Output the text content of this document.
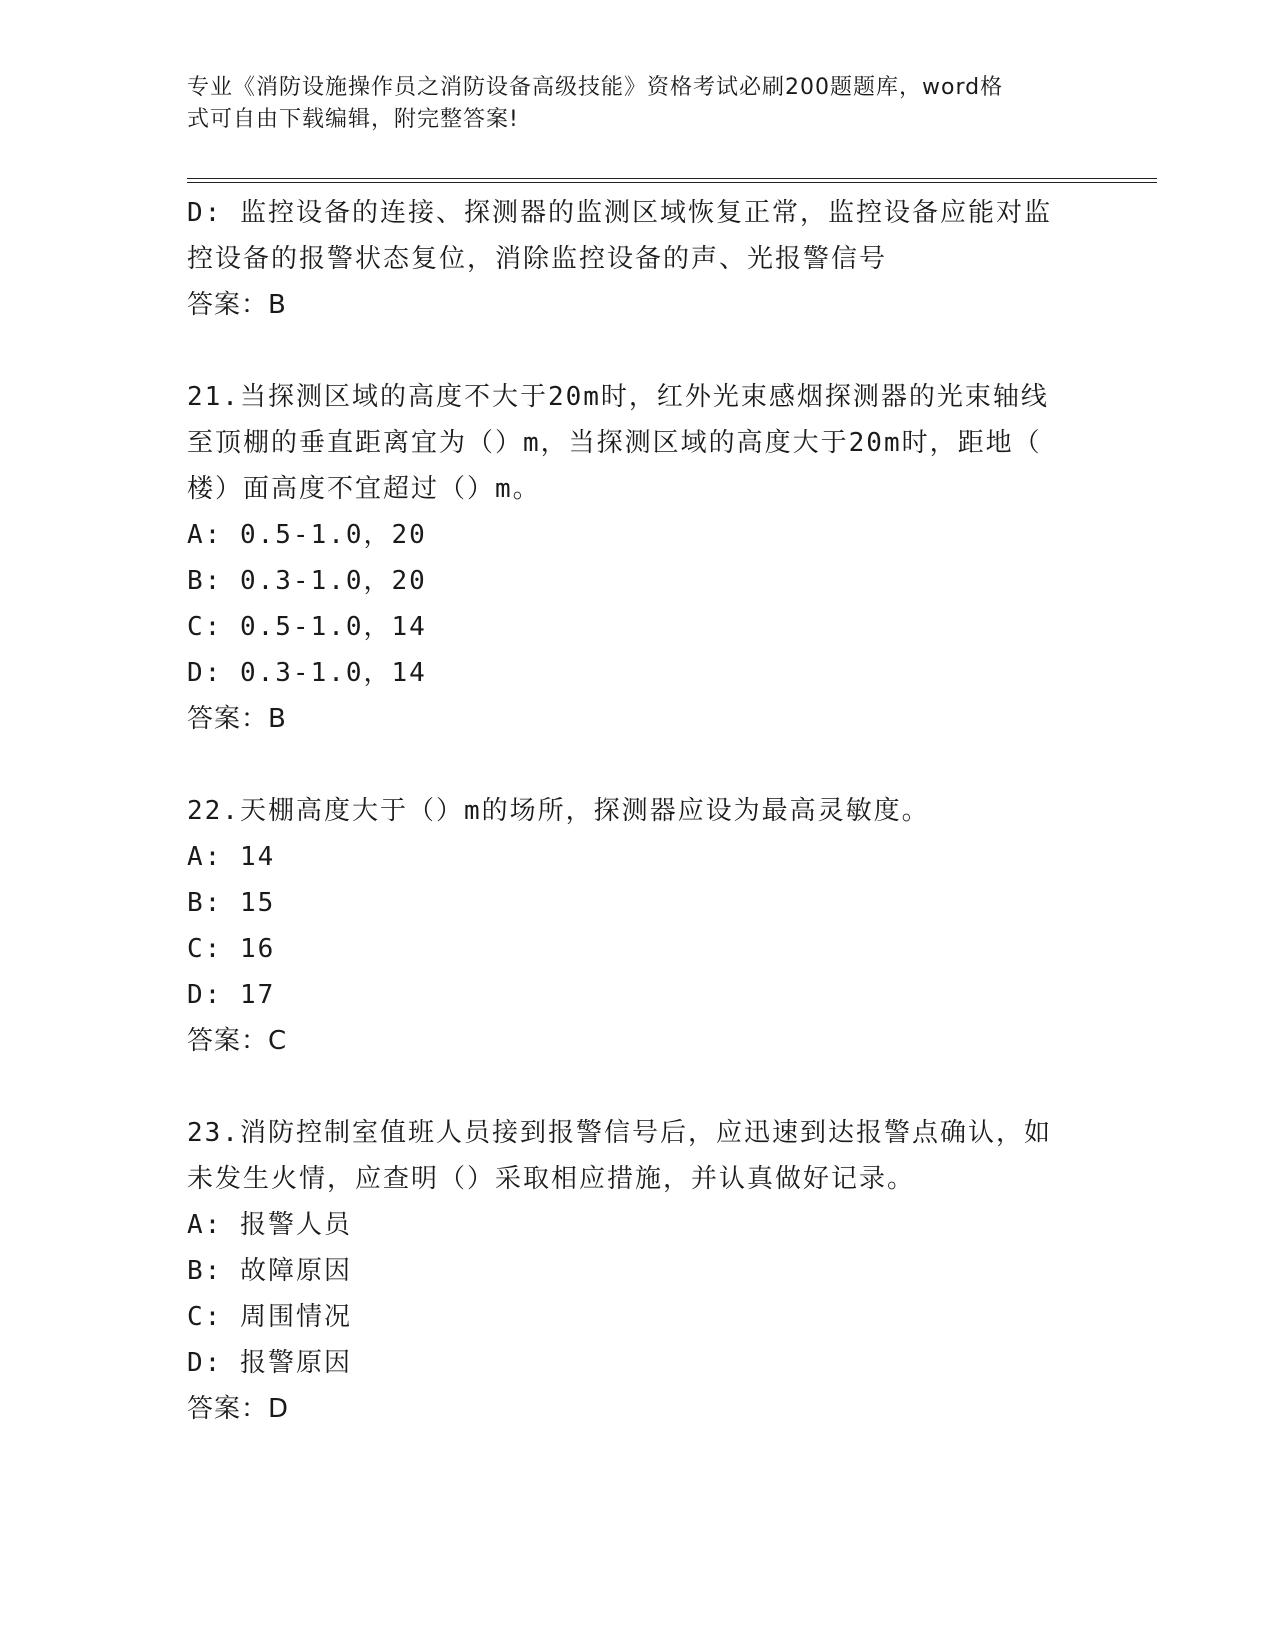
专业《消防设施操作员之消防设备高级技能》资格考试必刷200题题库，word格
式可自由下载编辑，附完整答案!
D: 监控设备的连接、探测器的监测区域恢复正常，监控设备应能对监
控设备的报警状态复位，消除监控设备的声、光报警信号
答案：B
21.当探测区域的高度不大于20m时，红外光束感烟探测器的光束轴线
至顶棚的垂直距离宜为（）m，当探测区域的高度大于20m时，距地（
楼）面高度不宜超过（）m。
A: 0.5-1.0，20
B: 0.3-1.0，20
C: 0.5-1.0，14
D: 0.3-1.0，14
答案：B
22.天棚高度大于（）m的场所，探测器应设为最高灵敏度。
A: 14
B: 15
C: 16
D: 17
答案：C
23.消防控制室值班人员接到报警信号后，应迅速到达报警点确认，如
未发生火情，应查明（）采取相应措施，并认真做好记录。
A: 报警人员
B: 故障原因
C: 周围情况
D: 报警原因
答案：D
